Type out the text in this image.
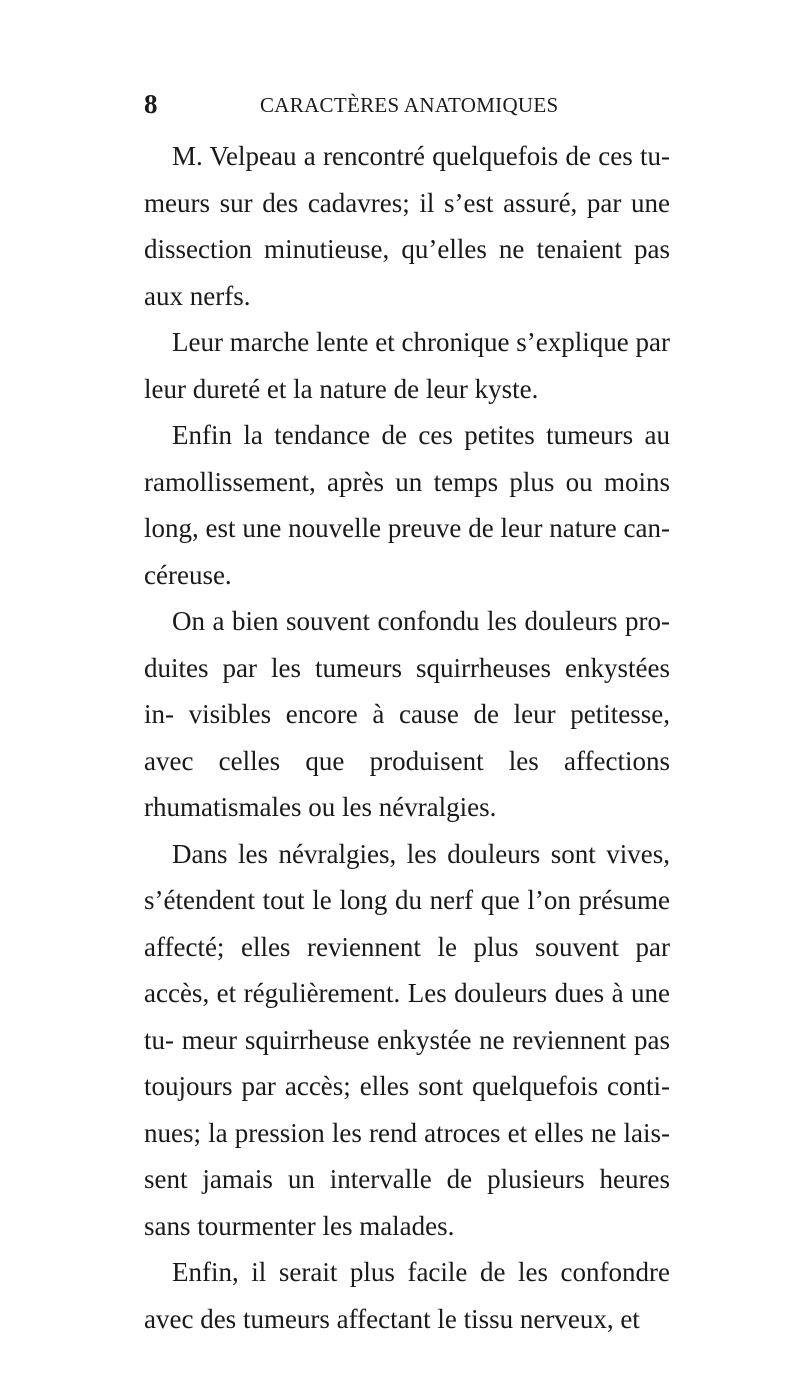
8	CARACTÈRES ANATOMIQUES

M. Velpeau a rencontré quelquefois de ces tu- meurs sur des cadavres; il s’est assuré, par une dissection minutieuse, qu’elles ne tenaient pas aux nerfs.

Leur marche lente et chronique s’explique par leur dureté et la nature de leur kyste.

Enfin la tendance de ces petites tumeurs au ramollissement, après un temps plus ou moins long, est une nouvelle preuve de leur nature can- céreuse.

On a bien souvent confondu les douleurs pro- duites par les tumeurs squirrheuses enkystées in- visibles encore à cause de leur petitesse, avec celles que produisent les affections rhumatismales ou les névralgies.

Dans les névralgies, les douleurs sont vives, s’étendent tout le long du nerf que l’on présume affecté; elles reviennent le plus souvent par accès, et régulièrement. Les douleurs dues à une tu- meur squirrheuse enkystée ne reviennent pas toujours par accès; elles sont quelquefois conti- nues; la pression les rend atroces et elles ne lais- sent jamais un intervalle de plusieurs heures sans tourmenter les malades.

Enfin, il serait plus facile de les confondre avec des tumeurs affectant le tissu nerveux, et
